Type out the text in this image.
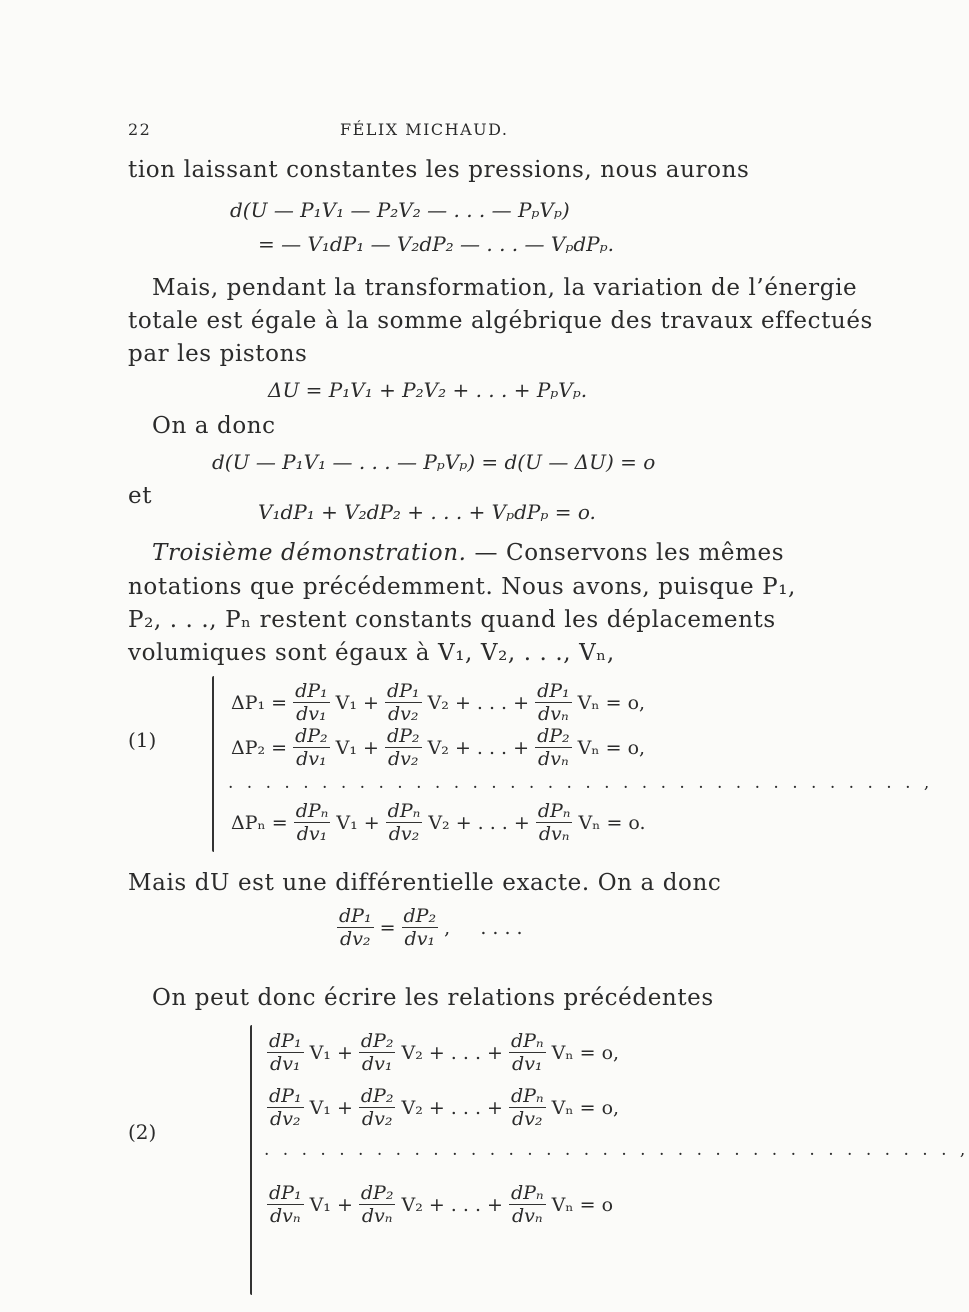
22	FÉLIX MICHAUD.
tion laissant constantes les pressions, nous aurons
d(U — P₁V₁ — P₂V₂ — . . . — PₚVₚ)
= — V₁dP₁ — V₂dP₂ — . . . — VₚdPₚ.
Mais, pendant la transformation, la variation de l’énergie
totale est égale à la somme algébrique des travaux effectués
par les pistons
ΔU = P₁V₁ + P₂V₂ + . . . + PₚVₚ.
On a donc
d(U — P₁V₁ — . . . — PₚVₚ) = d(U — ΔU) = o
et
V₁dP₁ + V₂dP₂ + . . . + VₚdPₚ = o.
Troisième démonstration. — Conservons les mêmes
notations que précédemment. Nous avons, puisque P₁,
P₂, . . ., Pₙ restent constants quand les déplacements
volumiques sont égaux à V₁, V₂, . . ., Vₙ,
(1)
$\Delta P_1 = \frac{\text{dP₁}}{\text{dv₁}} V_1 + \frac{\text{dP₁}}{\text{dv₂}} V_2$ + . . . + $\frac{\text{dP₁}}{\text{dvₙ}}$ Vₙ = o,
$\Delta P_2 = \frac{\text{dP₂}}{\text{dv₁}} V_1 + \frac{\text{dP₂}}{\text{dv₂}} V_2$ + . . . + $\frac{\text{dP₂}}{\text{dvₙ}}$ Vₙ = o,
. . . . . . . . . . . . . . . . . . . . . . . . . . . . . . . . . . . . . ,
$\Delta P_n = \frac{\text{dPₙ}}{\text{dv₁}} V_1 + \frac{\text{dPₙ}}{\text{dv₂}} V_2$ + . . . + $\frac{\text{dPₙ}}{\text{dvₙ}}$ Vₙ = o.
Mais dU est une différentielle exacte. On a donc
$\frac{\text{dP₁}}{\text{dv₂}} = \frac{\text{dP₂}}{\text{dv₁}}$ ,     . . . .
On peut donc écrire les relations précédentes
(2)
$\frac{\text{dP₁}}{\text{dv₁}} V_1 + \frac{\text{dP₂}}{\text{dv₁}} V_2$ + . . . + $\frac{\text{dPₙ}}{\text{dv₁}}$ Vₙ = o,
$\frac{\text{dP₁}}{\text{dv₂}} V_1 + \frac{\text{dP₂}}{\text{dv₂}} V_2$ + . . . + $\frac{\text{dPₙ}}{\text{dv₂}}$ Vₙ = o,
. . . . . . . . . . . . . . . . . . . . . . . . . . . . . . . . . . . . . ,
$\frac{\text{dP₁}}{\text{dvₙ}} V_1 + \frac{\text{dP₂}}{\text{dvₙ}} V_2$ + . . . + $\frac{\text{dPₙ}}{\text{dvₙ}}$ Vₙ = o
